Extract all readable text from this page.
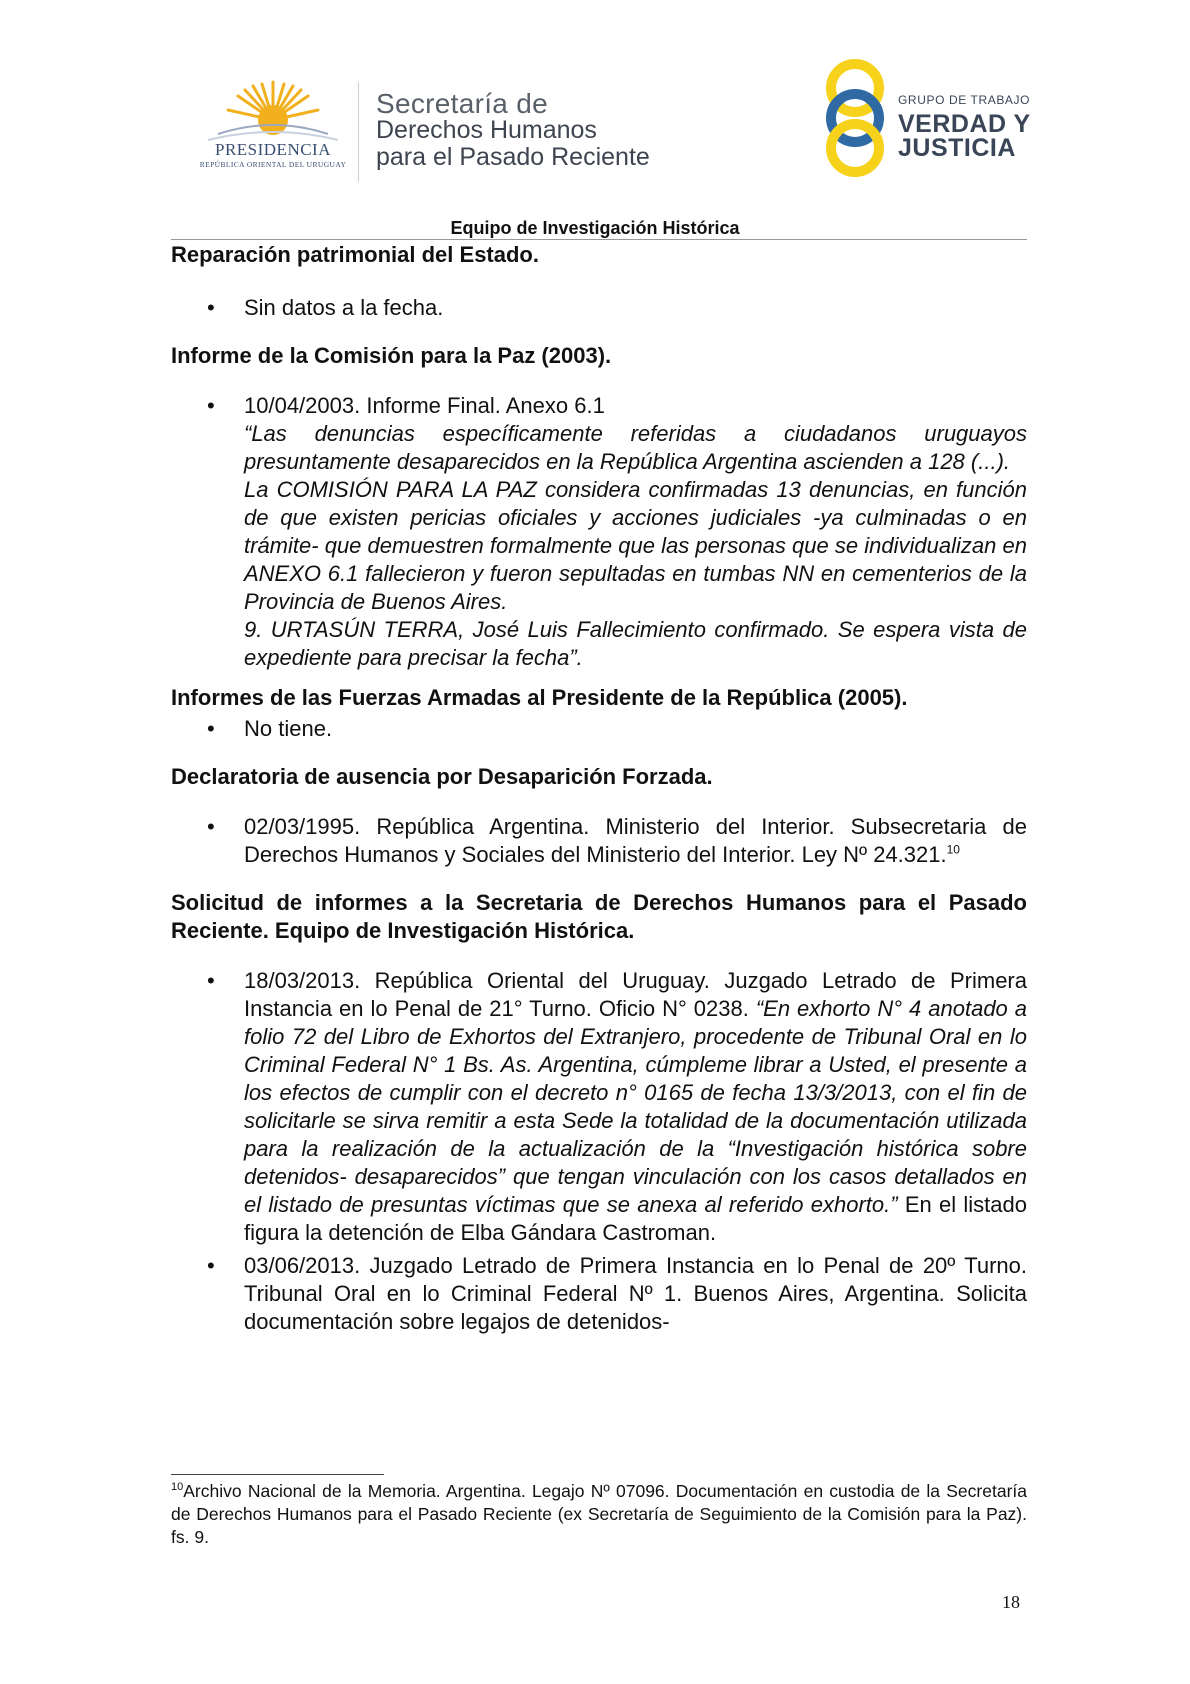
PRESIDENCIA
REPÚBLICA ORIENTAL DEL URUGUAY
Secretaría de
Derechos Humanos
para el Pasado Reciente
GRUPO DE TRABAJO
VERDAD Y
JUSTICIA
Equipo de Investigación Histórica
Reparación patrimonial del Estado.
• Sin datos a la fecha.
Informe de la Comisión para la Paz (2003).
• 10/04/2003. Informe Final. Anexo 6.1
“Las denuncias específicamente referidas a ciudadanos uruguayos presuntamente desaparecidos en la República Argentina ascienden a 128 (...).
La COMISIÓN PARA LA PAZ considera confirmadas 13 denuncias, en función de que existen pericias oficiales y acciones judiciales -ya culminadas o en trámite- que demuestren formalmente que las personas que se individualizan en ANEXO 6.1 fallecieron y fueron sepultadas en tumbas NN en cementerios de la Provincia de Buenos Aires.
9. URTASÚN TERRA, José Luis Fallecimiento confirmado. Se espera vista de expediente para precisar la fecha”.
Informes de las Fuerzas Armadas al Presidente de la República (2005).
• No tiene.
Declaratoria de ausencia por Desaparición Forzada.
• 02/03/1995. República Argentina. Ministerio del Interior. Subsecretaria de Derechos Humanos y Sociales del Ministerio del Interior. Ley Nº 24.321.10
Solicitud de informes a la Secretaria de Derechos Humanos para el Pasado Reciente. Equipo de Investigación Histórica.
• 18/03/2013. República Oriental del Uruguay. Juzgado Letrado de Primera Instancia en lo Penal de 21° Turno. Oficio N° 0238. “En exhorto N° 4 anotado a folio 72 del Libro de Exhortos del Extranjero, procedente de Tribunal Oral en lo Criminal Federal N° 1 Bs. As. Argentina, cúmpleme librar a Usted, el presente a los efectos de cumplir con el decreto n° 0165 de fecha 13/3/2013, con el fin de solicitarle se sirva remitir a esta Sede la totalidad de la documentación utilizada para la realización de la actualización de la “Investigación histórica sobre detenidos- desaparecidos” que tengan vinculación con los casos detallados en el listado de presuntas víctimas que se anexa al referido exhorto.” En el listado figura la detención de Elba Gándara Castroman.
• 03/06/2013. Juzgado Letrado de Primera Instancia en lo Penal de 20º Turno. Tribunal Oral en lo Criminal Federal Nº 1. Buenos Aires, Argentina. Solicita documentación sobre legajos de detenidos-
$^{10}$Archivo Nacional de la Memoria. Argentina. Legajo Nº 07096. Documentación en custodia de la Secretaría de Derechos Humanos para el Pasado Reciente (ex Secretaría de Seguimiento de la Comisión para la Paz). fs. 9.
18
